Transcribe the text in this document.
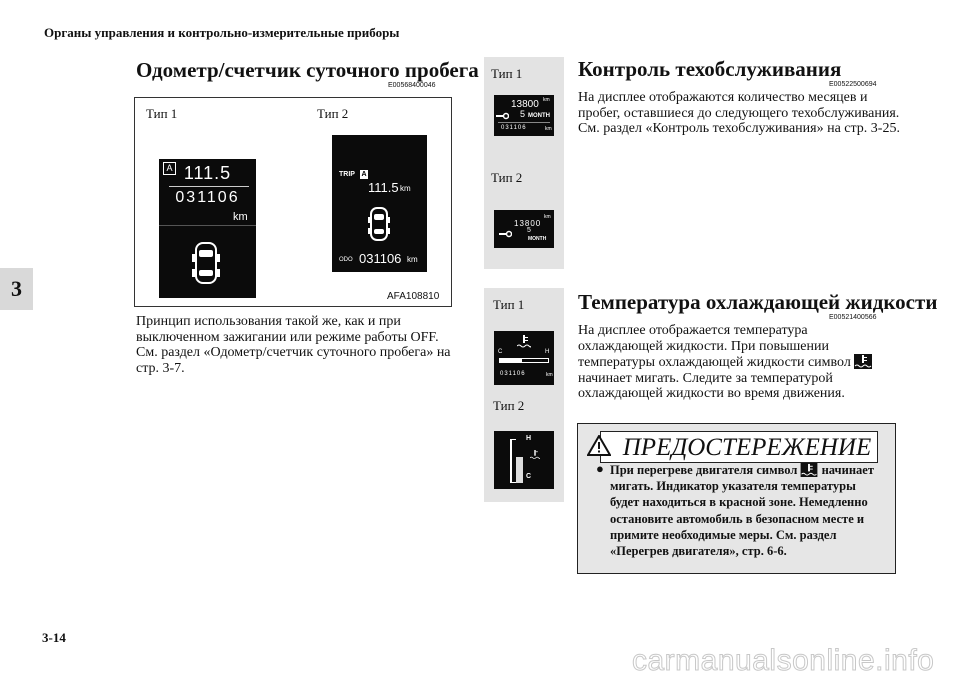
Органы управления и контрольно-измерительные приборы
3
Одометр/счетчик суточного пробега
E00568400046
Тип 1	Тип 2
A 111.5
031106
km
TRIP A
111.5 km
ODO 031106 km
AFA108810
Принцип использования такой же, как и при выключенном зажигании или режиме работы OFF. См. раздел «Одометр/счетчик суточного пробега» на стр. 3-7.
Тип 1
km
13800
5 MONTH
031106	km
Тип 2
km
13800
5
MONTH
Контроль техобслуживания
E00522500694
На дисплее отображаются количество месяцев и пробег, оставшиеся до следующего техобслуживания. См. раздел «Контроль техобслуживания» на стр. 3-25.
Тип 1
C	H
031106	km
Тип 2
H
C
Температура охлаждающей жидкости
E00521400566
На дисплее отображается температура охлаждающей жидкости. При повышении температуры охлаждающей жидкости символ  начинает мигать. Следите за температурой охлаждающей жидкости во время движения.
ПРЕДОСТЕРЕЖЕНИЕ
● При перегреве двигателя символ начинает мигать. Индикатор указателя температуры будет находиться в красной зоне. Немедленно остановите автомобиль в безопасном месте и примите необходимые меры. См. раздел «Перегрев двигателя», стр. 6-6.
3-14
carmanualsonline.info
